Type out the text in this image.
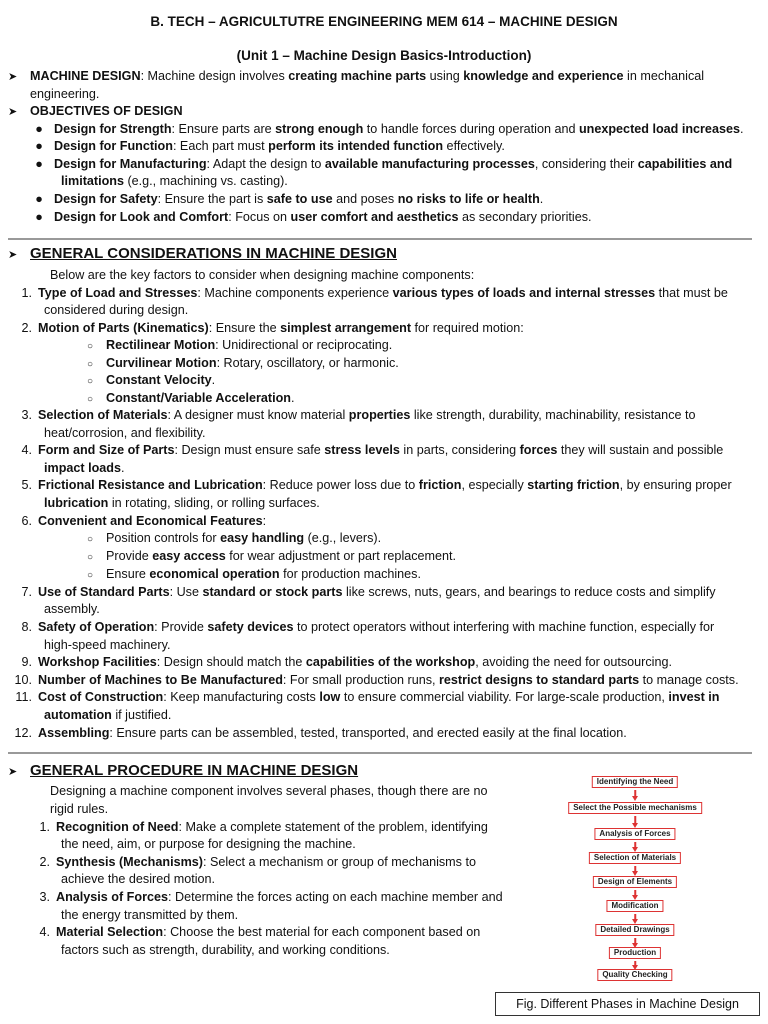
B. TECH – AGRICULTUTRE ENGINEERING MEM 614 – MACHINE DESIGN
(Unit 1 – Machine Design Basics-Introduction)
➤ MACHINE DESIGN: Machine design involves creating machine parts using knowledge and experience in mechanical
engineering.
➤ OBJECTIVES OF DESIGN
● Design for Strength: Ensure parts are strong enough to handle forces during operation and unexpected load increases.
● Design for Function: Each part must perform its intended function effectively.
● Design for Manufacturing: Adapt the design to available manufacturing processes, considering their capabilities and
limitations (e.g., machining vs. casting).
● Design for Safety: Ensure the part is safe to use and poses no risks to life or health.
● Design for Look and Comfort: Focus on user comfort and aesthetics as secondary priorities.
➤ GENERAL CONSIDERATIONS IN MACHINE DESIGN
Below are the key factors to consider when designing machine components:
1. Type of Load and Stresses: Machine components experience various types of loads and internal stresses that must be
considered during design.
2. Motion of Parts (Kinematics): Ensure the simplest arrangement for required motion:
○ Rectilinear Motion: Unidirectional or reciprocating.
○ Curvilinear Motion: Rotary, oscillatory, or harmonic.
○ Constant Velocity.
○ Constant/Variable Acceleration.
3. Selection of Materials: A designer must know material properties like strength, durability, machinability, resistance to
heat/corrosion, and flexibility.
4. Form and Size of Parts: Design must ensure safe stress levels in parts, considering forces they will sustain and possible
impact loads.
5. Frictional Resistance and Lubrication: Reduce power loss due to friction, especially starting friction, by ensuring proper
lubrication in rotating, sliding, or rolling surfaces.
6. Convenient and Economical Features:
○ Position controls for easy handling (e.g., levers).
○ Provide easy access for wear adjustment or part replacement.
○ Ensure economical operation for production machines.
7. Use of Standard Parts: Use standard or stock parts like screws, nuts, gears, and bearings to reduce costs and simplify
assembly.
8. Safety of Operation: Provide safety devices to protect operators without interfering with machine function, especially for
high-speed machinery.
9. Workshop Facilities: Design should match the capabilities of the workshop, avoiding the need for outsourcing.
10. Number of Machines to Be Manufactured: For small production runs, restrict designs to standard parts to manage costs.
11. Cost of Construction: Keep manufacturing costs low to ensure commercial viability. For large-scale production, invest in
automation if justified.
12. Assembling: Ensure parts can be assembled, tested, transported, and erected easily at the final location.
➤ GENERAL PROCEDURE IN MACHINE DESIGN
Designing a machine component involves several phases, though there are no
rigid rules.
1. Recognition of Need: Make a complete statement of the problem, identifying
the need, aim, or purpose for designing the machine.
2. Synthesis (Mechanisms): Select a mechanism or group of mechanisms to
achieve the desired motion.
3. Analysis of Forces: Determine the forces acting on each machine member and
the energy transmitted by them.
4. Material Selection: Choose the best material for each component based on
factors such as strength, durability, and working conditions.
Identifying the Need
Select the Possible mechanisms
Analysis of Forces
Selection of Materials
Design of Elements
Modification
Detailed Drawings
Production
Quality Checking
Fig. Different Phases in Machine Design
